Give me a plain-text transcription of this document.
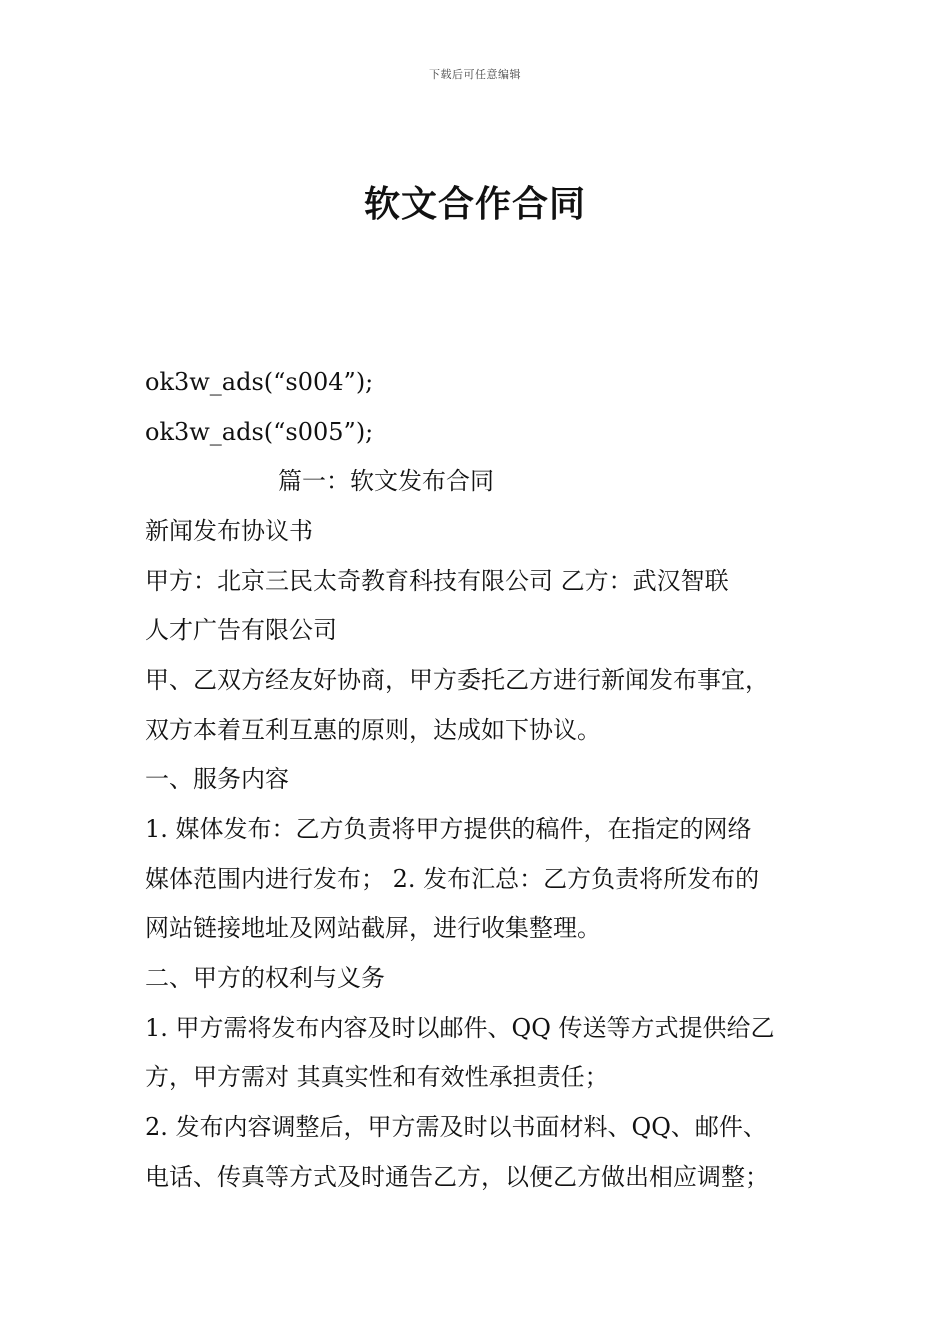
下载后可任意编辑
软文合作合同
ok3w_ads(“s004”);
ok3w_ads(“s005”);
篇一：软文发布合同
新闻发布协议书
甲方：北京三民太奇教育科技有限公司 乙方：武汉智联
人才广告有限公司
甲、乙双方经友好协商，甲方委托乙方进行新闻发布事宜，
双方本着互利互惠的原则，达成如下协议。
一、服务内容
1. 媒体发布：乙方负责将甲方提供的稿件，在指定的网络
媒体范围内进行发布； 2. 发布汇总：乙方负责将所发布的
网站链接地址及网站截屏，进行收集整理。
二、甲方的权利与义务
1. 甲方需将发布内容及时以邮件、QQ 传送等方式提供给乙
方，甲方需对 其真实性和有效性承担责任；
2. 发布内容调整后，甲方需及时以书面材料、QQ、邮件、
电话、传真等方式及时通告乙方，以便乙方做出相应调整；
